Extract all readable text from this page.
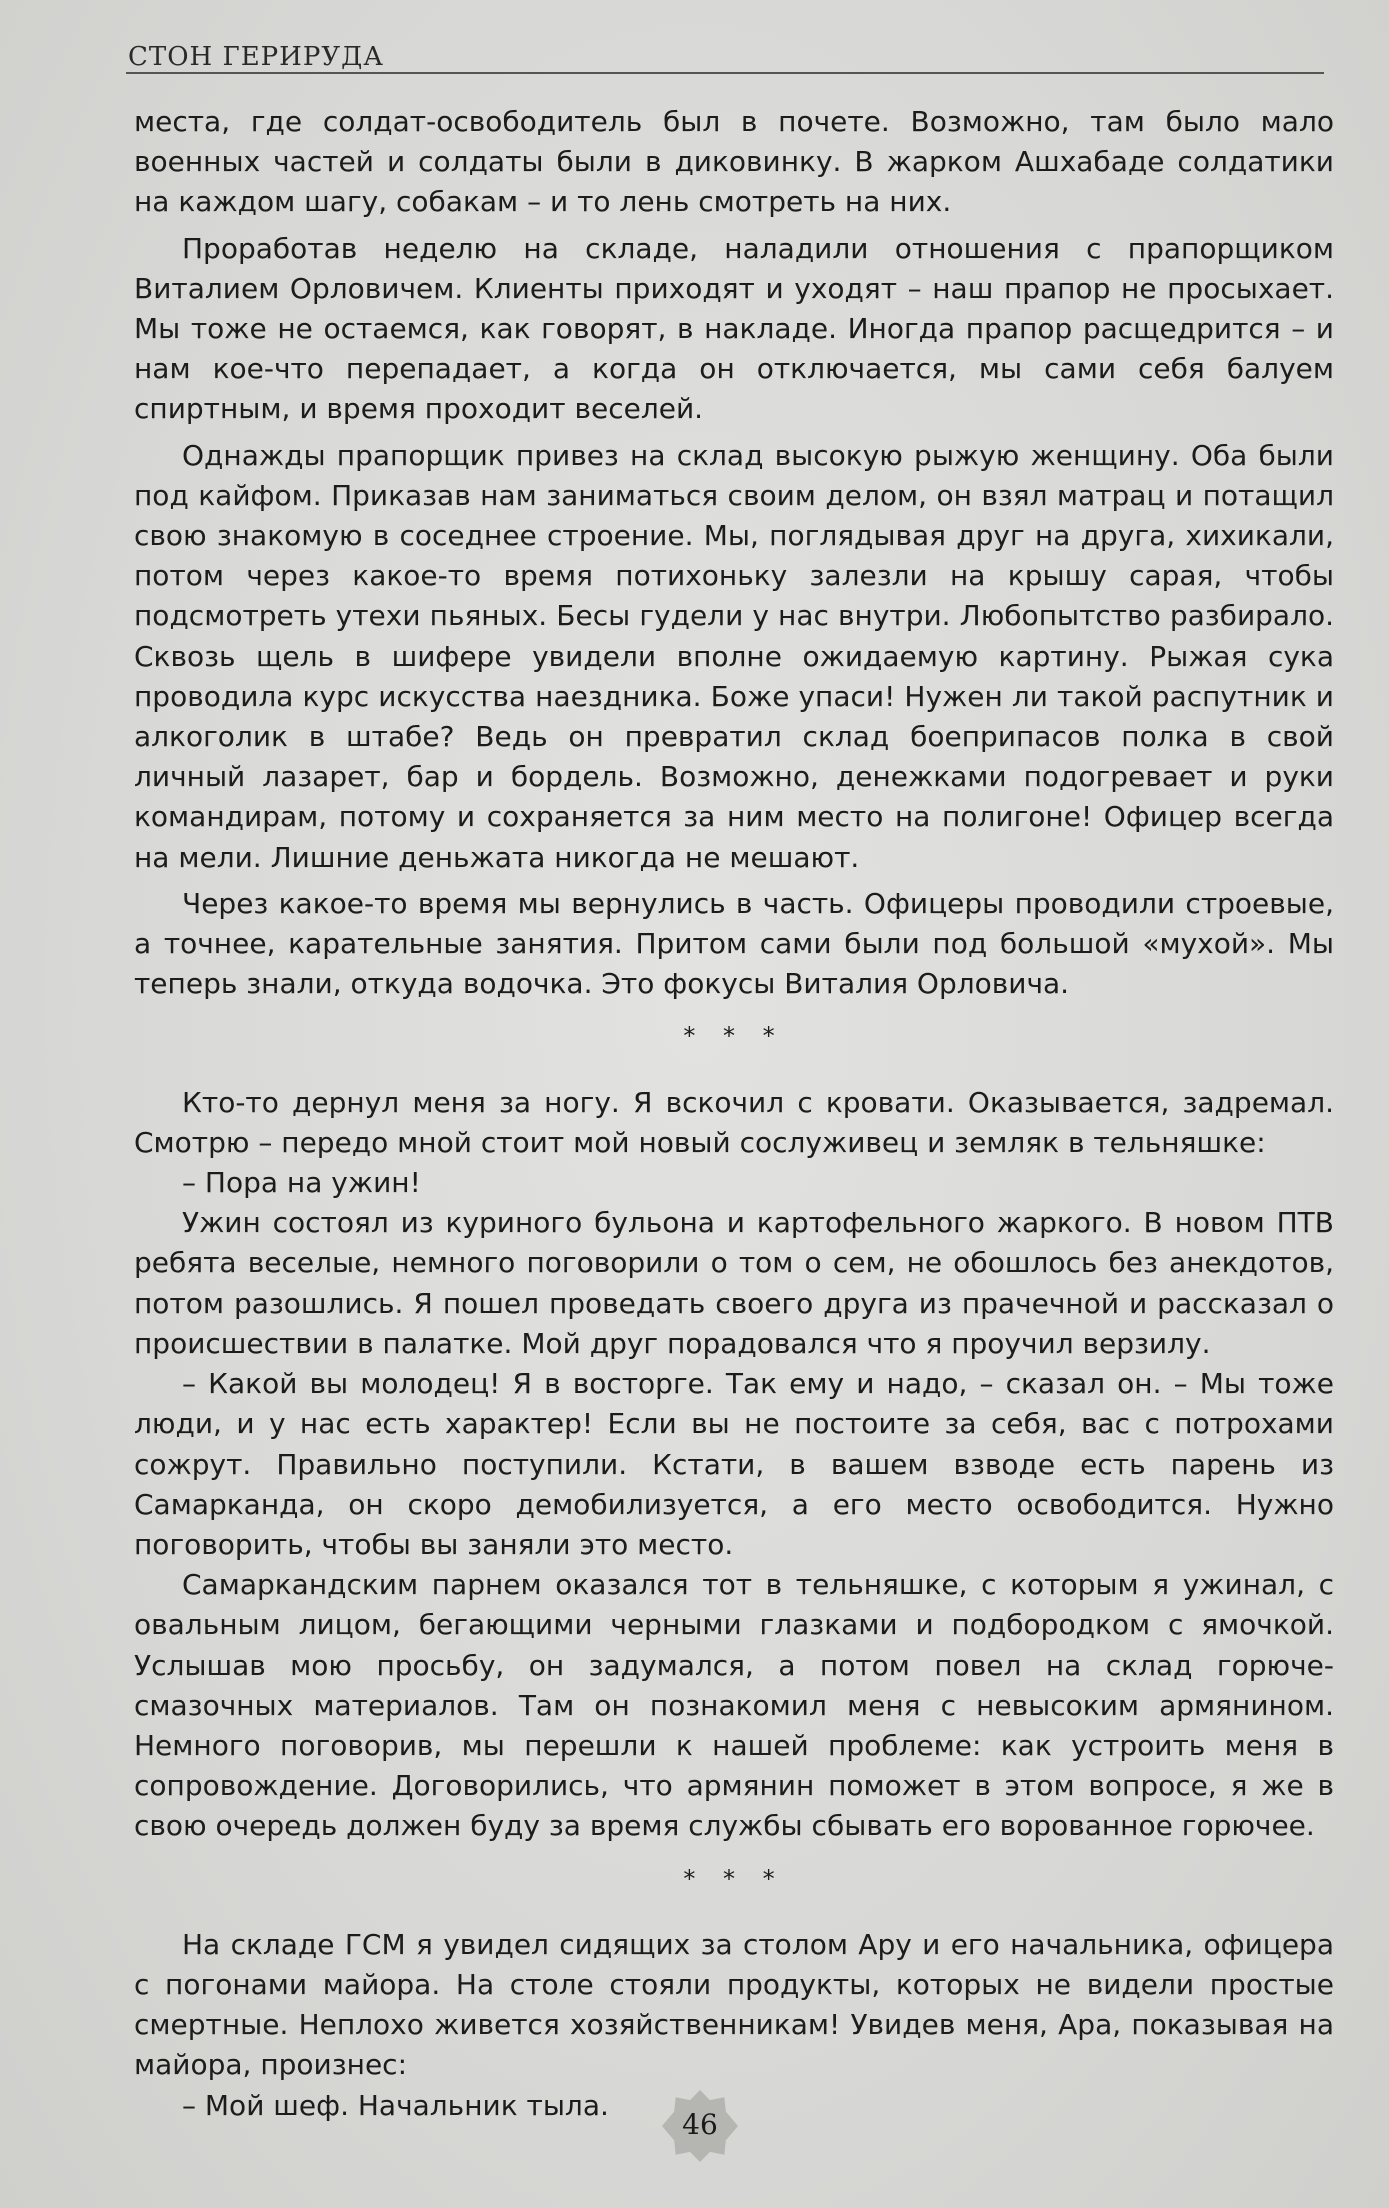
СТОН ГЕРИРУДА

места, где солдат-освободитель был в почете. Возможно, там было мало военных частей и солдаты были в диковинку. В жарком Ашхабаде солдатики на каждом шагу, собакам – и то лень смотреть на них.

Проработав неделю на складе, наладили отношения с прапорщиком Виталием Орловичем. Клиенты приходят и уходят – наш прапор не просыхает. Мы тоже не остаемся, как говорят, в накладе. Иногда прапор расщедрится – и нам кое-что перепадает, а когда он отключается, мы сами себя балуем спиртным, и время проходит веселей.

Однажды прапорщик привез на склад высокую рыжую женщину. Оба были под кайфом. Приказав нам заниматься своим делом, он взял матрац и потащил свою знакомую в соседнее строение. Мы, поглядывая друг на друга, хихикали, потом через какое-то время потихоньку залезли на крышу сарая, чтобы подсмотреть утехи пьяных. Бесы гудели у нас внутри. Любопытство разбирало. Сквозь щель в шифере увидели вполне ожидаемую картину. Рыжая сука проводила курс искусства наездника. Боже упаси! Нужен ли такой распутник и алкоголик в штабе? Ведь он превратил склад боеприпасов полка в свой личный лазарет, бар и бордель. Возможно, денежками подогревает и руки командирам, потому и сохраняется за ним место на полигоне! Офицер всегда на мели. Лишние деньжата никогда не мешают.

Через какое-то время мы вернулись в часть. Офицеры проводили строевые, а точнее, карательные занятия. Притом сами были под большой «мухой». Мы теперь знали, откуда водочка. Это фокусы Виталия Орловича.

* * *

Кто-то дернул меня за ногу. Я вскочил с кровати. Оказывается, задремал. Смотрю – передо мной стоит мой новый сослуживец и земляк в тельняшке:

– Пора на ужин!

Ужин состоял из куриного бульона и картофельного жаркого. В новом ПТВ ребята веселые, немного поговорили о том о сем, не обошлось без анекдотов, потом разошлись. Я пошел проведать своего друга из прачечной и рассказал о происшествии в палатке. Мой друг порадовался что я проучил верзилу.

– Какой вы молодец! Я в восторге. Так ему и надо, – сказал он. – Мы тоже люди, и у нас есть характер! Если вы не постоите за себя, вас с потрохами сожрут. Правильно поступили. Кстати, в вашем взводе есть парень из Самарканда, он скоро демобилизуется, а его место освободится. Нужно поговорить, чтобы вы заняли это место.

Самаркандским парнем оказался тот в тельняшке, с которым я ужинал, с овальным лицом, бегающими черными глазками и подбородком с ямочкой. Услышав мою просьбу, он задумался, а потом повел на склад горюче-смазочных материалов. Там он познакомил меня с невысоким армянином. Немного поговорив, мы перешли к нашей проблеме: как устроить меня в сопровождение. Договорились, что армянин поможет в этом вопросе, я же в свою очередь должен буду за время службы сбывать его ворованное горючее.

* * *

На складе ГСМ я увидел сидящих за столом Ару и его начальника, офицера с погонами майора. На столе стояли продукты, которых не видели простые смертные. Неплохо живется хозяйственникам! Увидев меня, Ара, показывая на майора, произнес:

– Мой шеф. Начальник тыла.

46
